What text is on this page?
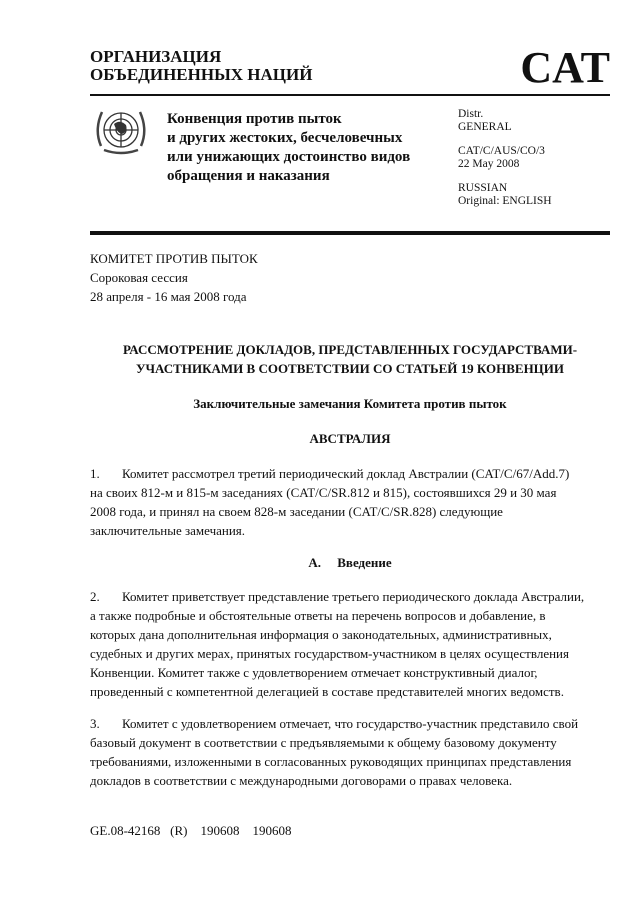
ОРГАНИЗАЦИЯ
ОБЪЕДИНЕННЫХ НАЦИЙ	CAT
Конвенция против пыток
и других жестоких, бесчеловечных
или унижающих достоинство видов
обращения и наказания
Distr.
GENERAL
CAT/C/AUS/CO/3
22 May 2008
RUSSIAN
Original: ENGLISH
КОМИТЕТ ПРОТИВ ПЫТОК
Сороковая сессия
28 апреля - 16 мая 2008 года
РАССМОТРЕНИЕ ДОКЛАДОВ, ПРЕДСТАВЛЕННЫХ ГОСУДАРСТВАМИ-
УЧАСТНИКАМИ В СООТВЕТСТВИИ СО СТАТЬЕЙ 19 КОНВЕНЦИИ
Заключительные замечания Комитета против пыток
АВСТРАЛИЯ
1. Комитет рассмотрел третий периодический доклад Австралии (CAT/C/67/Add.7)
на своих 812-м и 815-м заседаниях (CAT/C/SR.812 и 815), состоявшихся 29 и 30 мая
2008 года, и принял на своем 828-м заседании (CAT/C/SR.828) следующие
заключительные замечания.
A. Введение
2. Комитет приветствует представление третьего периодического доклада Австралии,
а также подробные и обстоятельные ответы на перечень вопросов и добавление, в
которых дана дополнительная информация о законодательных, административных,
судебных и других мерах, принятых государством-участником в целях осуществления
Конвенции. Комитет также с удовлетворением отмечает конструктивный диалог,
проведенный с компетентной делегацией в составе представителей многих ведомств.
3. Комитет с удовлетворением отмечает, что государство-участник представило свой
базовый документ в соответствии с предъявляемыми к общему базовому документу
требованиями, изложенными в согласованных руководящих принципах представления
докладов в соответствии с международными договорами о правах человека.
GE.08-42168   (R)    190608    190608
